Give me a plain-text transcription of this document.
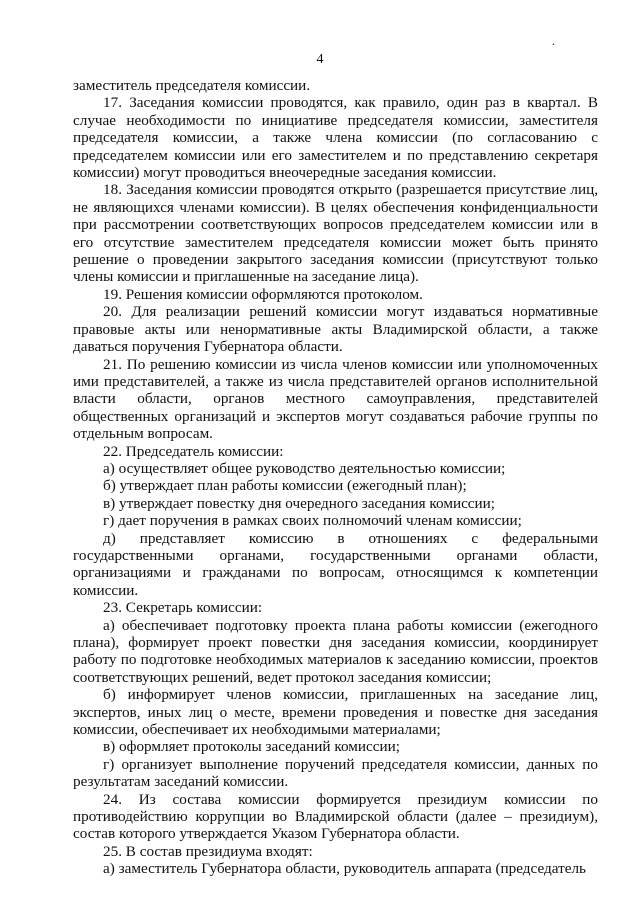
.
4

заместитель председателя комиссии.

17. Заседания комиссии проводятся, как правило, один раз в квартал. В случае необходимости по инициативе председателя комиссии, заместителя председателя комиссии, а также члена комиссии (по согласованию с председателем комиссии или его заместителем и по представлению секретаря комиссии) могут проводиться внеочередные заседания комиссии.

18. Заседания комиссии проводятся открыто (разрешается присутствие лиц, не являющихся членами комиссии). В целях обеспечения конфиденциальности при рассмотрении соответствующих вопросов председателем комиссии или в его отсутствие заместителем председателя комиссии может быть принято решение о проведении закрытого заседания комиссии (присутствуют только члены комиссии и приглашенные на заседание лица).

19. Решения комиссии оформляются протоколом.

20. Для реализации решений комиссии могут издаваться нормативные правовые акты или ненормативные акты Владимирской области, а также даваться поручения Губернатора области.

21. По решению комиссии из числа членов комиссии или уполномоченных ими представителей, а также из числа представителей органов исполнительной власти области, органов местного самоуправления, представителей общественных организаций и экспертов могут создаваться рабочие группы по отдельным вопросам.

22. Председатель комиссии:

а) осуществляет общее руководство деятельностью комиссии;

б) утверждает план работы комиссии (ежегодный план);

в) утверждает повестку дня очередного заседания комиссии;

г) дает поручения в рамках своих полномочий членам комиссии;

д) представляет комиссию в отношениях с федеральными государственными органами, государственными органами области, организациями и гражданами по вопросам, относящимся к компетенции комиссии.

23. Секретарь комиссии:

а) обеспечивает подготовку проекта плана работы комиссии (ежегодного плана), формирует проект повестки дня заседания комиссии, координирует работу по подготовке необходимых материалов к заседанию комиссии, проектов соответствующих решений, ведет протокол заседания комиссии;

б) информирует членов комиссии, приглашенных на заседание лиц, экспертов, иных лиц о месте, времени проведения и повестке дня заседания комиссии, обеспечивает их необходимыми материалами;

в) оформляет протоколы заседаний комиссии;

г) организует выполнение поручений председателя комиссии, данных по результатам заседаний комиссии.

24. Из состава комиссии формируется президиум комиссии по противодействию коррупции во Владимирской области (далее – президиум), состав которого утверждается Указом Губернатора области.

25. В состав президиума входят:

а) заместитель Губернатора области, руководитель аппарата (председатель
